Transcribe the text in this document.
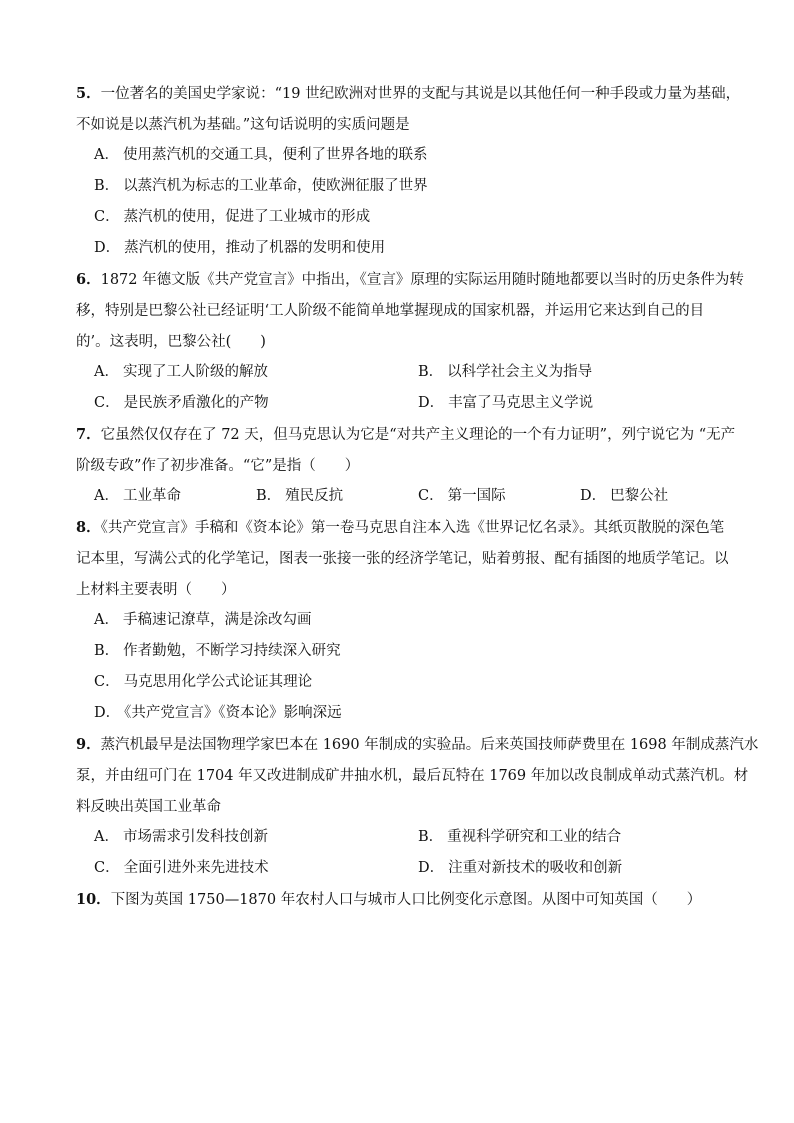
5．一位著名的美国史学家说：“19 世纪欧洲对世界的支配与其说是以其他任何一种手段或力量为基础，
不如说是以蒸汽机为基础。”这句话说明的实质问题是
A． 使用蒸汽机的交通工具，便利了世界各地的联系
B． 以蒸汽机为标志的工业革命，使欧洲征服了世界
C． 蒸汽机的使用，促进了工业城市的形成
D． 蒸汽机的使用，推动了机器的发明和使用
6．1872 年德文版《共产党宣言》中指出，《宣言》原理的实际运用随时随地都要以当时的历史条件为转
移，特别是巴黎公社已经证明‘工人阶级不能简单地掌握现成的国家机器，并运用它来达到自己的目
的’。这表明，巴黎公社(　　)
A． 实现了工人阶级的解放	B． 以科学社会主义为指导
C． 是民族矛盾激化的产物	D． 丰富了马克思主义学说
7．它虽然仅仅存在了 72 天，但马克思认为它是“对共产主义理论的一个有力证明”，列宁说它为 “无产
阶级专政”作了初步准备。“它”是指（　　）
A． 工业革命	B． 殖民反抗	C． 第一国际	D． 巴黎公社
8．《共产党宣言》手稿和《资本论》第一卷马克思自注本入选《世界记忆名录》。其纸页散脱的深色笔
记本里，写满公式的化学笔记，图表一张接一张的经济学笔记，贴着剪报、配有插图的地质学笔记。以
上材料主要表明（　　）
A． 手稿速记潦草，满是涂改勾画
B． 作者勤勉，不断学习持续深入研究
C． 马克思用化学公式论证其理论
D． 《共产党宣言》《资本论》影响深远
9．蒸汽机最早是法国物理学家巴本在 1690 年制成的实验品。后来英国技师萨费里在 1698 年制成蒸汽水
泵，并由纽可门在 1704 年又改进制成矿井抽水机，最后瓦特在 1769 年加以改良制成单动式蒸汽机。材
料反映出英国工业革命
A． 市场需求引发科技创新	B． 重视科学研究和工业的结合
C． 全面引进外来先进技术	D． 注重对新技术的吸收和创新
10．下图为英国 1750—1870 年农村人口与城市人口比例变化示意图。从图中可知英国（　　）
